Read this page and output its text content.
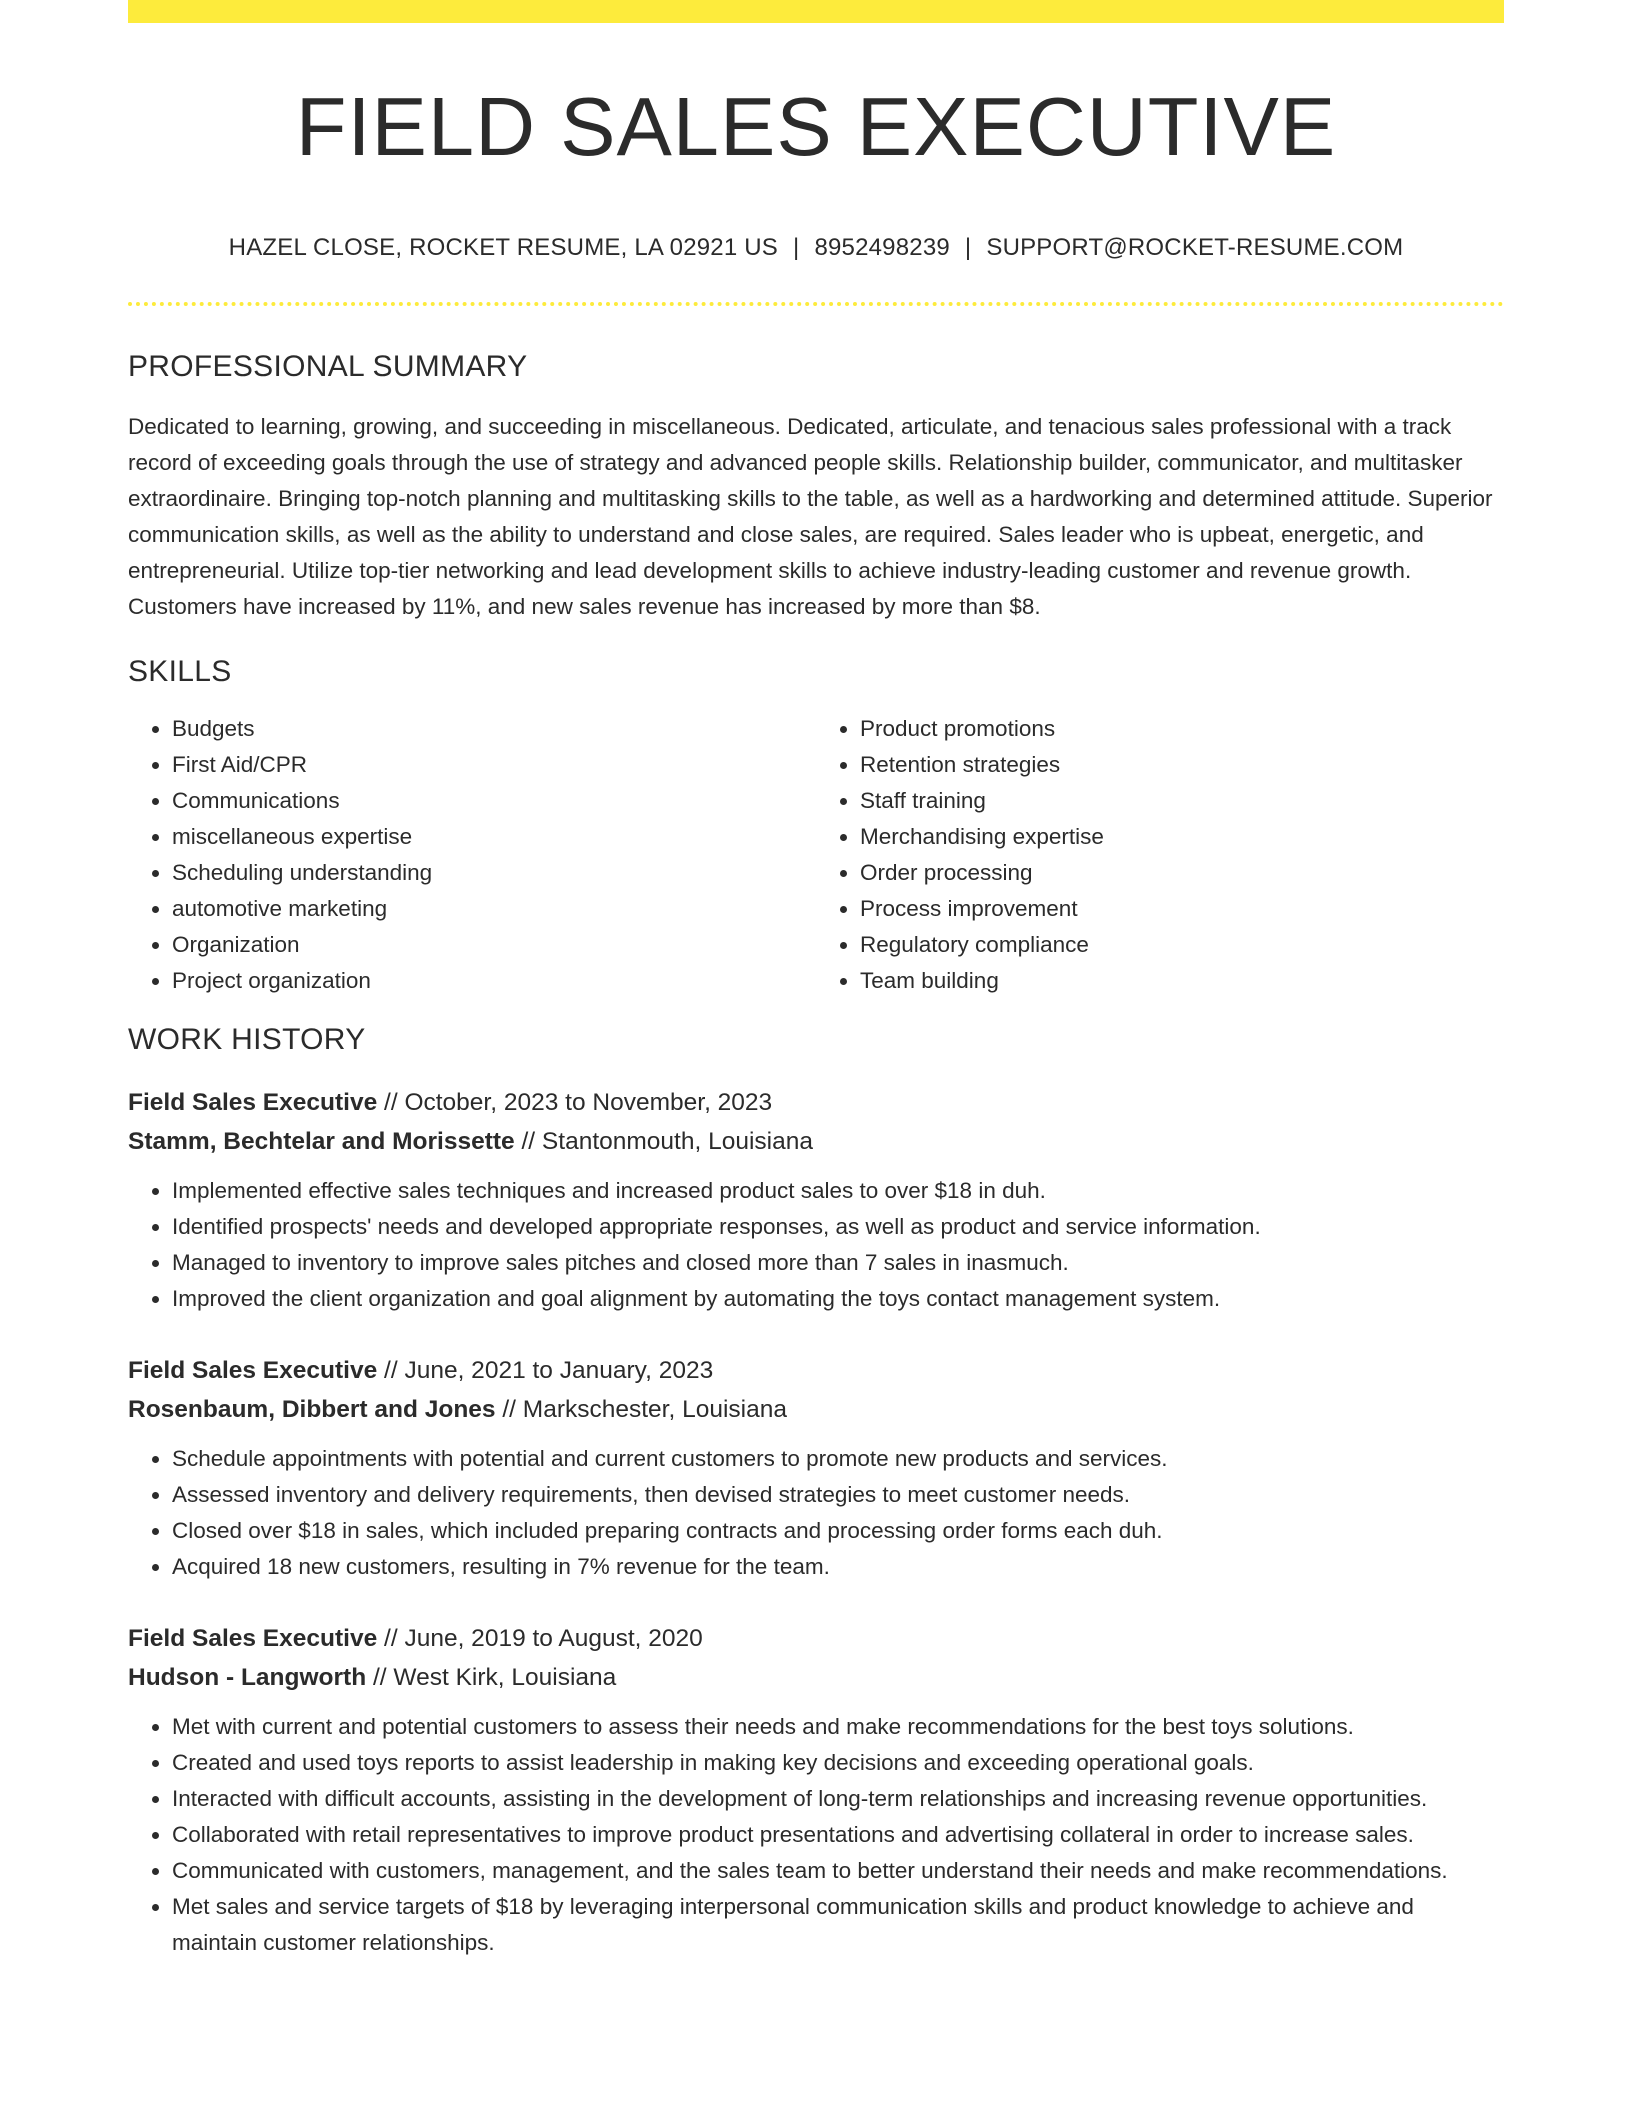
FIELD SALES EXECUTIVE
HAZEL CLOSE, ROCKET RESUME, LA 02921 US | 8952498239 | SUPPORT@ROCKET-RESUME.COM
PROFESSIONAL SUMMARY

Dedicated to learning, growing, and succeeding in miscellaneous. Dedicated, articulate, and tenacious sales professional with a track record of exceeding goals through the use of strategy and advanced people skills. Relationship builder, communicator, and multitasker extraordinaire. Bringing top-notch planning and multitasking skills to the table, as well as a hardworking and determined attitude. Superior communication skills, as well as the ability to understand and close sales, are required. Sales leader who is upbeat, energetic, and entrepreneurial. Utilize top-tier networking and lead development skills to achieve industry-leading customer and revenue growth. Customers have increased by 11%, and new sales revenue has increased by more than $8.

SKILLS
• Budgets
• First Aid/CPR
• Communications
• miscellaneous expertise
• Scheduling understanding
• automotive marketing
• Organization
• Project organization
• Product promotions
• Retention strategies
• Staff training
• Merchandising expertise
• Order processing
• Process improvement
• Regulatory compliance
• Team building
WORK HISTORY
Field Sales Executive // October, 2023 to November, 2023
Stamm, Bechtelar and Morissette // Stantonmouth, Louisiana
• Implemented effective sales techniques and increased product sales to over $18 in duh.
• Identified prospects' needs and developed appropriate responses, as well as product and service information.
• Managed to inventory to improve sales pitches and closed more than 7 sales in inasmuch.
• Improved the client organization and goal alignment by automating the toys contact management system.
Field Sales Executive // June, 2021 to January, 2023
Rosenbaum, Dibbert and Jones // Markschester, Louisiana
• Schedule appointments with potential and current customers to promote new products and services.
• Assessed inventory and delivery requirements, then devised strategies to meet customer needs.
• Closed over $18 in sales, which included preparing contracts and processing order forms each duh.
• Acquired 18 new customers, resulting in 7% revenue for the team.
Field Sales Executive // June, 2019 to August, 2020
Hudson - Langworth // West Kirk, Louisiana
• Met with current and potential customers to assess their needs and make recommendations for the best toys solutions.
• Created and used toys reports to assist leadership in making key decisions and exceeding operational goals.
• Interacted with difficult accounts, assisting in the development of long-term relationships and increasing revenue opportunities.
• Collaborated with retail representatives to improve product presentations and advertising collateral in order to increase sales.
• Communicated with customers, management, and the sales team to better understand their needs and make recommendations.
• Met sales and service targets of $18 by leveraging interpersonal communication skills and product knowledge to achieve and maintain customer relationships.
